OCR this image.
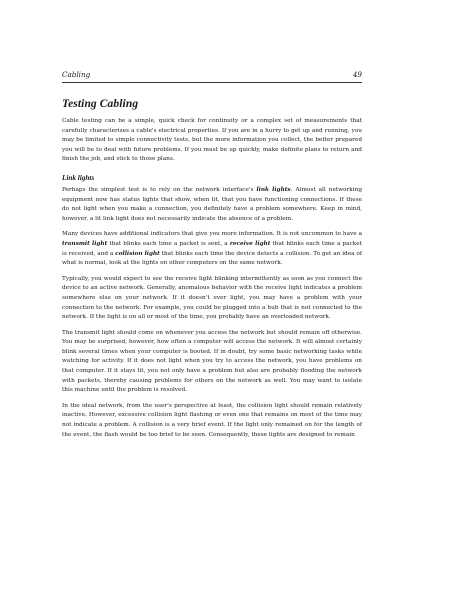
Cabling	49
Testing Cabling

Cable testing can be a simple, quick check for continuity or a complex set of measurements that carefully characterizes a cable's electrical properties. If you are in a hurry to get up and running, you may be limited to simple connectivity tests, but the more information you collect, the better prepared you will be to deal with future problems. If you must be up quickly, make definite plans to return and finish the job, and stick to those plans.

Link lights

Perhaps the simplest test is to rely on the network interface's link lights. Almost all networking equipment now has status lights that show, when lit, that you have functioning connections. If these do not light when you make a connection, you definitely have a problem somewhere. Keep in mind, however, a lit link light does not necessarily indicate the absence of a problem.

Many devices have additional indicators that give you more information. It is not uncommon to have a transmit light that blinks each time a packet is sent, a receive light that blinks each time a packet is received, and a collision light that blinks each time the device detects a collision. To get an idea of what is normal, look at the lights on other computers on the same network.

Typically, you would expect to see the receive light blinking intermittently as soon as you connect the device to an active network. Generally, anomalous behavior with the receive light indicates a problem somewhere else on your network. If it doesn't ever light, you may have a problem with your connection to the network. For example, you could be plugged into a hub that is not connected to the network. If the light is on all or most of the time, you probably have an overloaded network.

The transmit light should come on whenever you access the network but should remain off otherwise. You may be surprised, however, how often a computer will access the network. It will almost certainly blink several times when your computer is booted. If in doubt, try some basic networking tasks while watching for activity. If it does not light when you try to access the network, you have problems on that computer. If it stays lit, you not only have a problem but also are probably flooding the network with packets, thereby causing problems for others on the network as well. You may want to isolate this machine until the problem is resolved.

In the ideal network, from the user's perspective at least, the collision light should remain relatively inactive. However, excessive collision light flashing or even one that remains on most of the time may not indicate a problem. A collision is a very brief event. If the light only remained on for the length of the event, the flash would be too brief to be seen. Consequently, these lights are designed to remain
